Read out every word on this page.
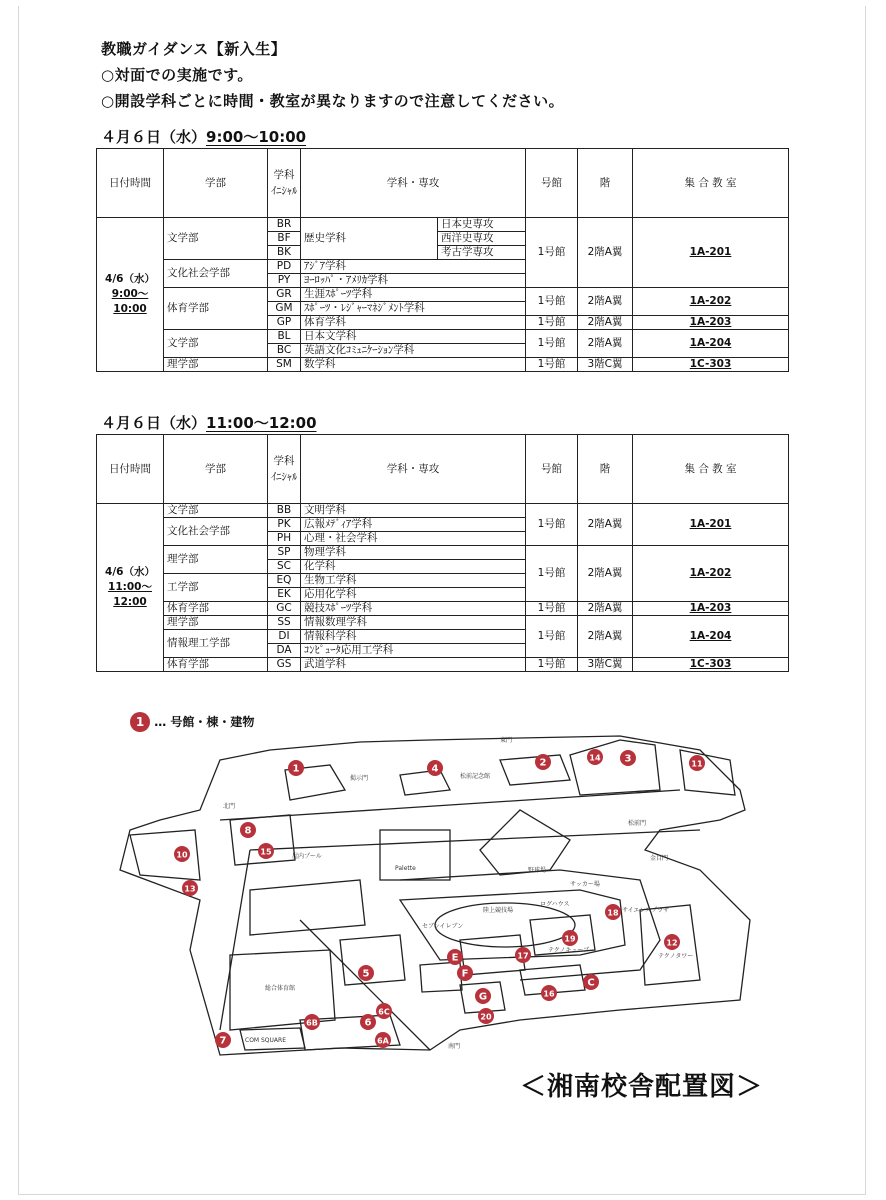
教職ガイダンス【新入生】
○対面での実施です。
○開設学科ごとに時間・教室が異なりますので注意してください。
４月６日（水）9:00〜10:00
日付時間	学部	学科
ｲﾆｼｬﾙ	学科・専攻		号館	階	集 合 教 室
4/6（水）
9:00〜10:00	文学部	BR	歴史学科	日本史専攻	1号館	2階A翼	1A-201
		BF		西洋史専攻			
		BK		考古学専攻			
	文化社会学部	PD	ｱｼﾞｱ学科				
		PY	ﾖｰﾛｯﾊﾟ・ｱﾒﾘｶ学科				
	体育学部	GR	生涯ｽﾎﾟｰﾂ学科		1号館	2階A翼	1A-202
		GM	ｽﾎﾟｰﾂ・ﾚｼﾞｬｰﾏﾈｼﾞﾒﾝﾄ学科				
		GP	体育学科		1号館	2階A翼	1A-203
	文学部	BL	日本文学科		1号館	2階A翼	1A-204
		BC	英語文化ｺﾐｭﾆｹｰｼｮﾝ学科				
	理学部	SM	数学科		1号館	3階C翼	1C-303
４月６日（水）11:00〜12:00
日付時間	学部	学科
ｲﾆｼｬﾙ	学科・専攻	号館	階	集 合 教 室
4/6（水）
11:00〜
12:00	文学部	BB	文明学科	1号館	2階A翼	1A-201
	文化社会学部	PK	広報ﾒﾃﾞｨｱ学科			
		PH	心理・社会学科			
	理学部	SP	物理学科	1号館	2階A翼	1A-202
		SC	化学科			
	工学部	EQ	生物工学科			
		EK	応用化学科			
	体育学部	GC	競技ｽﾎﾟｰﾂ学科	1号館	2階A翼	1A-203
	理学部	SS	情報数理学科	1号館	2階A翼	1A-204
	情報理工学部	DI	情報科学科			
		DA	ｺﾝﾋﾟｭｰﾀ応用工学科			
	体育学部	GS	武道学科	1号館	3階C翼	1C-303
1 … 号館・棟・建物
東門
掲示門
北門
松前記念館
野球場
Palette
陸上競技場
サッカー場
南門
COM SQUARE
総合体育館
松前門
金目門
サイエンスプラザ
テクノキューブ
テクノタワー
セブンイレブン
屋内プール
ログハウス
1
2	3
4
5
6
6A
6B
6C
7
8
10
11
12
13
14
15
16
17
18
19
20
C
E
F
G
＜湘南校舎配置図＞
